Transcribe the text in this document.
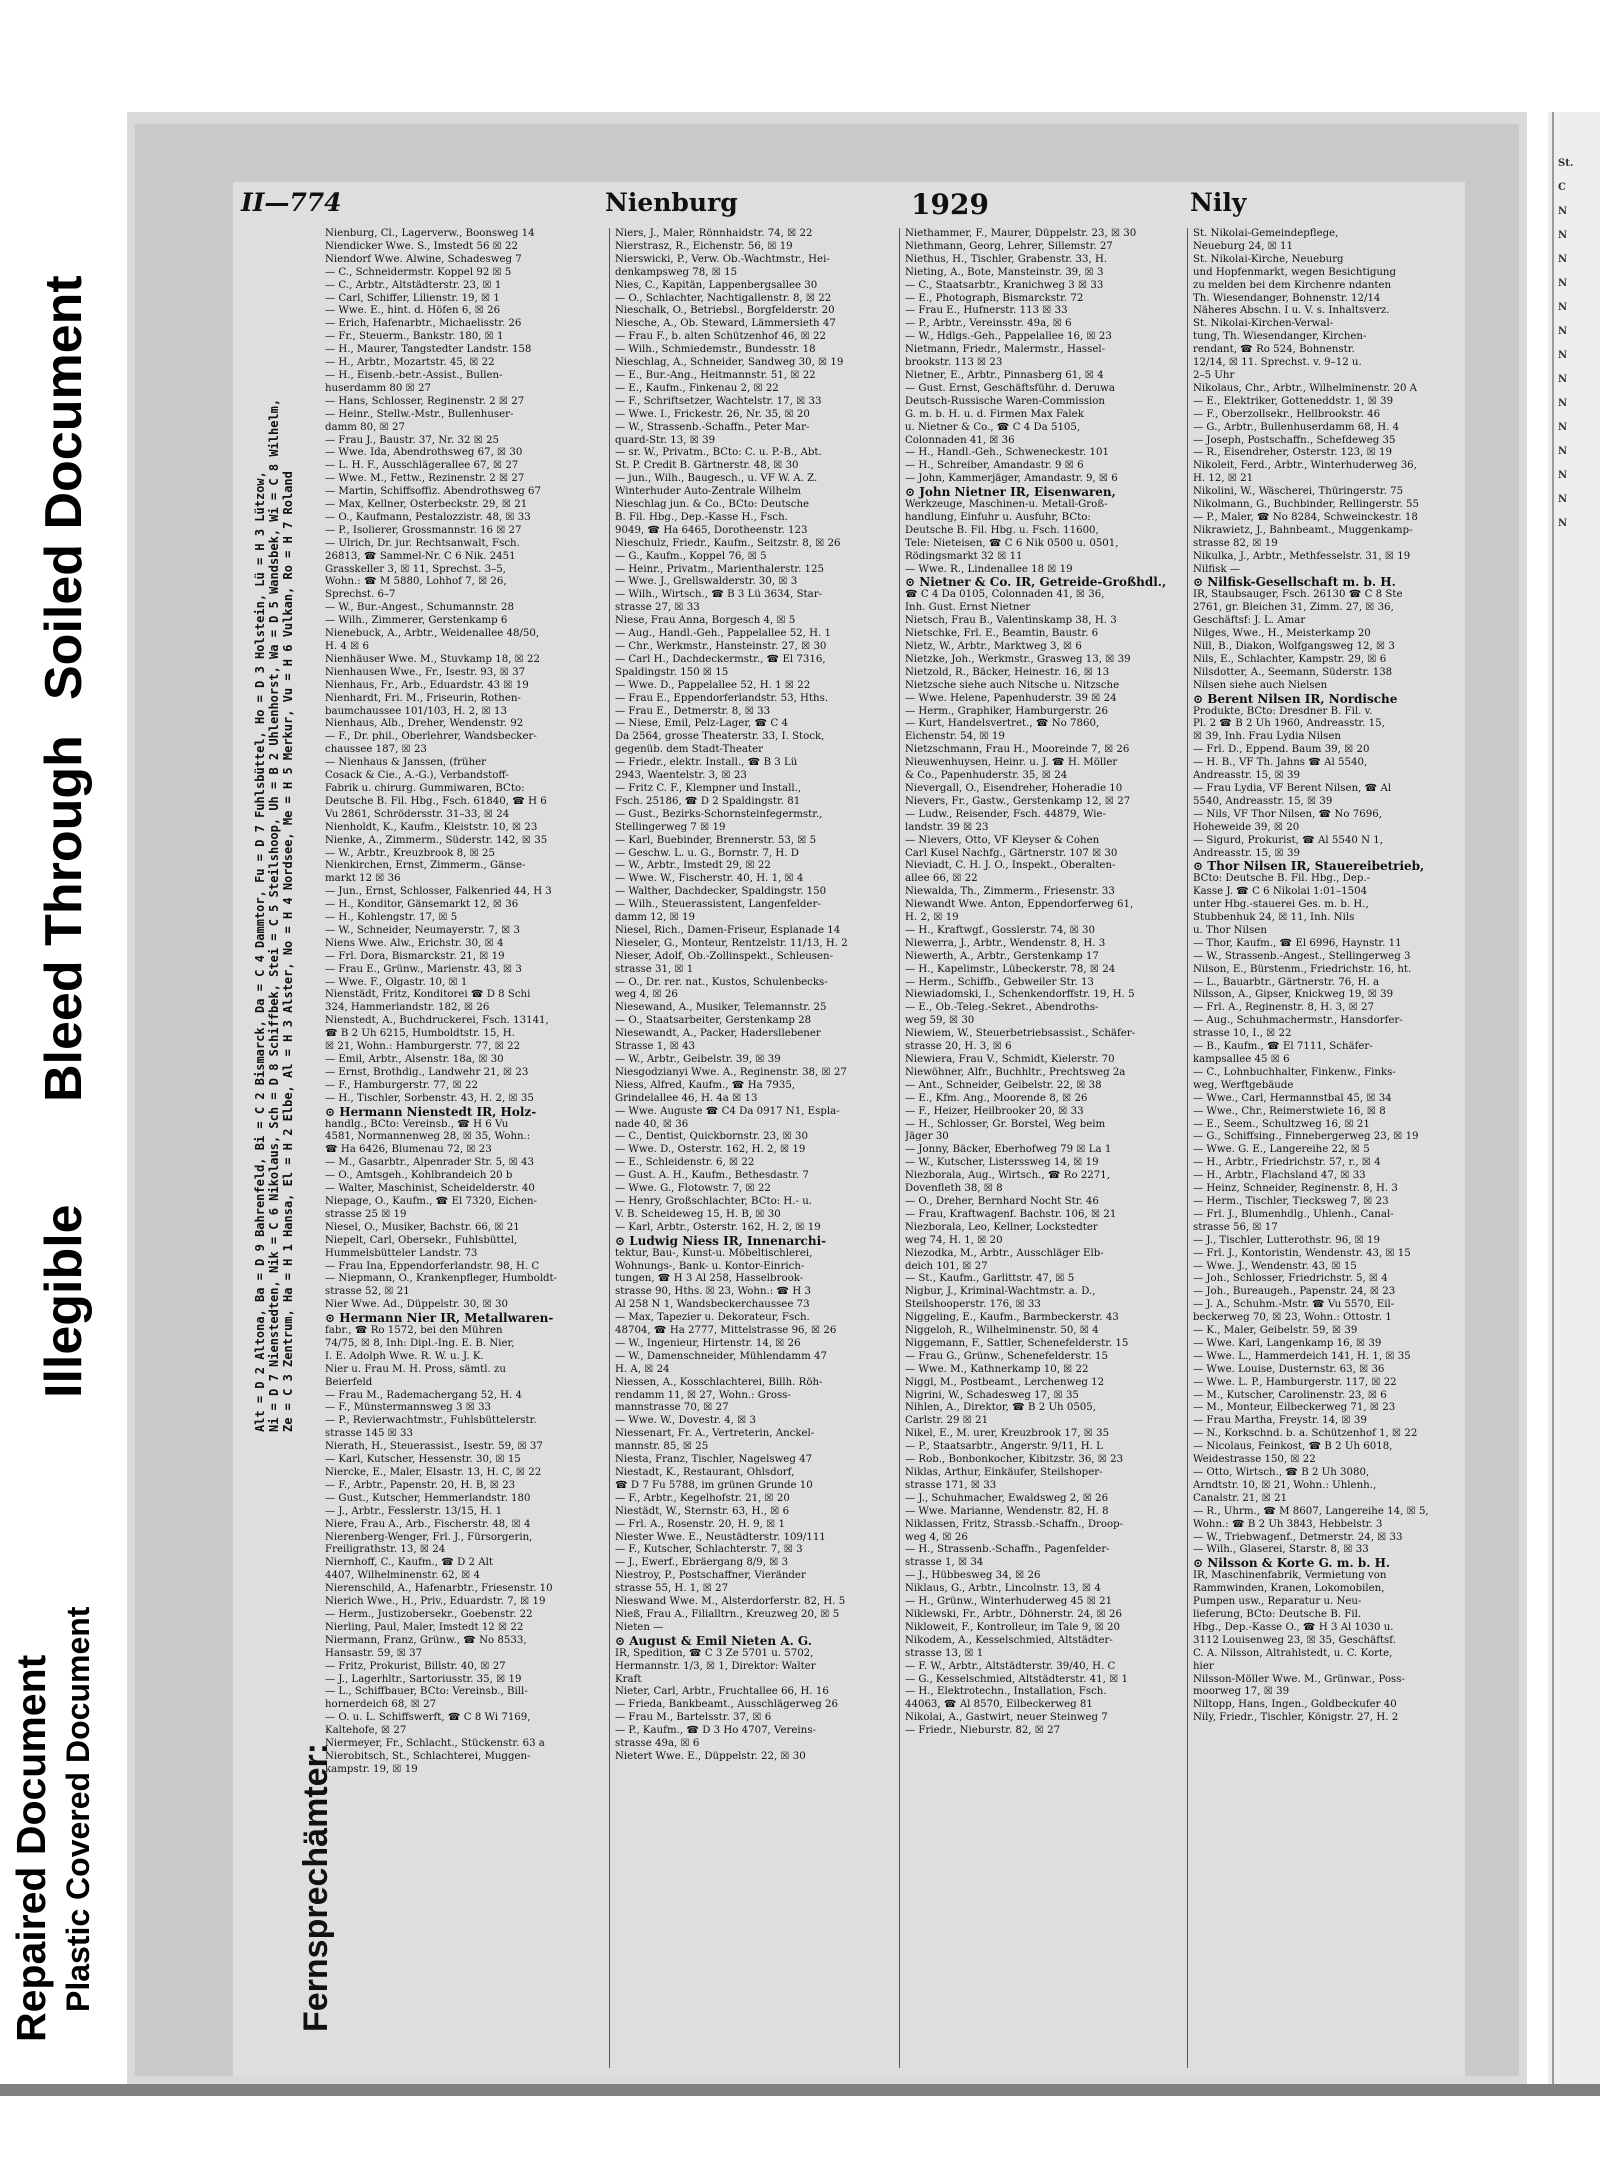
Repaired Document Plastic Covered Document
Illegible
Bleed Through
Soiled Document
II—774	Nienburg	1929	Nily
Fernsprechämter:
Alt = D 2 Altona, Ba = D 9 Bahrenfeld, Bi = C 2 Bismarck, Da = C 4 Dammtor, Fu = D 7 Fuhlsbüttel, Ho = D 3 Holstein, Lü = H 3 Lützow, Ni = D 7 Nienstedten, Nik = C 6 Nikolaus, Sch = D 8 Schiffbek, Stei = C 5 Steilshoop, Uh = B 2 Uhlenhorst, Wa = D 5 Wandsbek, Wi = C 8 Wilhelm, Ze = C 3 Zentrum, Ha = H 1 Hansa, El = H 2 Elbe, Al = H 3 Alster, No = H 4 Nordsee, Me = H 5 Merkur, Vu = H 6 Vulkan, Ro = H 7 Roland
Nienburg, Cl., Lagerverw., Boonsweg 14
Niendicker Wwe. S., Imstedt 56 ☒ 22
Niendorf Wwe. Alwine, Schadesweg 7
— C., Schneidermstr. Koppel 92 ☒ 5
— C., Arbtr., Altstädterstr. 23, ☒ 1
— Carl, Schiffer, Lilienstr. 19, ☒ 1
— Wwe. E., hint. d. Höfen 6, ☒ 26
— Erich, Hafenarbtr., Michaelisstr. 26
— Fr., Steuerm., Bankstr. 180, ☒ 1
— H., Maurer, Tangstedter Landstr. 158
— H., Arbtr., Mozartstr. 45, ☒ 22
— H., Eisenb.-betr.-Assist., Bullen-
huserdamm 80 ☒ 27
— Hans, Schlosser, Reginenstr. 2 ☒ 27
— Heinr., Stellw.-Mstr., Bullenhuser-
damm 80, ☒ 27
— Frau J., Baustr. 37, Nr. 32 ☒ 25
— Wwe. Ida, Abendrothsweg 67, ☒ 30
— L. H. F., Ausschlägerallee 67, ☒ 27
— Wwe. M., Fettw., Rezinenstr. 2 ☒ 27
— Martin, Schiffsoffiz. Abendrothsweg 67
— Max, Kellner, Osterbeckstr. 29, ☒ 21
— O., Kaufmann, Pestalozzistr. 48, ☒ 33
— P., Isolierer, Grossmannstr. 16 ☒ 27
— Ulrich, Dr. jur. Rechtsanwalt, Fsch.
26813, ☎ Sammel-Nr. C 6 Nik. 2451
Grasskeller 3, ☒ 11, Sprechst. 3–5,
Wohn.: ☎ M 5880, Lohhof 7, ☒ 26,
Sprechst. 6–7
— W., Bur.-Angest., Schumannstr. 28
— Wilh., Zimmerer, Gerstenkamp 6
Nienebuck, A., Arbtr., Weidenallee 48/50,
H. 4 ☒ 6
Nienhäuser Wwe. M., Stuvkamp 18, ☒ 22
Nienhausen Wwe., Fr., Isestr. 93, ☒ 37
Nienhaus, Fr., Arb., Eduardstr. 43 ☒ 19
Nienhardt, Fri. M., Friseurin, Rothen-
baumchaussee 101/103, H. 2, ☒ 13
Nienhaus, Alb., Dreher, Wendenstr. 92
— F., Dr. phil., Oberlehrer, Wandsbecker-
chaussee 187, ☒ 23
— Nienhaus & Janssen, (früher
Cosack & Cie., A.-G.), Verbandstoff-
Fabrik u. chirurg. Gummiwaren, BCto:
Deutsche B. Fil. Hbg., Fsch. 61840, ☎ H 6
Vu 2861, Schrödersstr. 31–33, ☒ 24
Nienholdt, K., Kaufm., Kleiststr. 10, ☒ 23
Nienke, A., Zimmerm., Süderstr. 142, ☒ 35
— W., Arbtr., Kreuzbrook 8, ☒ 25
Nienkirchen, Ernst, Zimmerm., Gänse-
markt 12 ☒ 36
— Jun., Ernst, Schlosser, Falkenried 44, H 3
— H., Konditor, Gänsemarkt 12, ☒ 36
— H., Kohlengstr. 17, ☒ 5
— W., Schneider, Neumayerstr. 7, ☒ 3
Niens Wwe. Alw., Erichstr. 30, ☒ 4
— Frl. Dora, Bismarckstr. 21, ☒ 19
— Frau E., Grünw., Marienstr. 43, ☒ 3
— Wwe. F., Olgastr. 10, ☒ 1
Nienstädt, Fritz, Konditorei ☎ D 8 Schi
324, Hammerlandstr. 182, ☒ 26
Nienstedt, A., Buchdruckerei, Fsch. 13141,
☎ B 2 Uh 6215, Humboldtstr. 15, H.
☒ 21, Wohn.: Hamburgerstr. 77, ☒ 22
— Emil, Arbtr., Alsenstr. 18a, ☒ 30
— Ernst, Brothdig., Landwehr 21, ☒ 23
— F., Hamburgerstr. 77, ☒ 22
— H., Tischler, Sorbenstr. 43, H. 2, ☒ 35
⊙ Hermann Nienstedt IR, Holz-
handlg., BCto: Vereinsb., ☎ H 6 Vu
4581, Normannenweg 28, ☒ 35, Wohn.:
☎ Ha 6426, Blumenau 72, ☒ 23
— M., Gasarbtr., Alpenrader Str. 5, ☒ 43
— O., Amtsgeh., Kohlbrandeich 20 b
— Walter, Maschinist, Scheidelderstr. 40
Niepage, O., Kaufm., ☎ El 7320, Eichen-
strasse 25 ☒ 19
Niesel, O., Musiker, Bachstr. 66, ☒ 21
Niepelt, Carl, Obersekr., Fuhlsbüttel,
Hummelsbütteler Landstr. 73
— Frau Ina, Eppendorferlandstr. 98, H. C
— Niepmann, O., Krankenpfleger, Humboldt-
strasse 52, ☒ 21
Nier Wwe. Ad., Düppelstr. 30, ☒ 30
⊙ Hermann Nier IR, Metallwaren-
fabr., ☎ Ro 1572, bei den Mühren
74/75, ☒ 8, Inh: Dipl.-Ing. E. B. Nier,
I. E. Adolph Wwe. R. W. u. J. K.
Nier u. Frau M. H. Pross, sämtl. zu
Beierfeld
— Frau M., Rademachergang 52, H. 4
— F., Münstermannsweg 3 ☒ 33
— P., Revierwachtmstr., Fuhlsbüttelerstr.
strasse 145 ☒ 33
Nierath, H., Steuerassist., Isestr. 59, ☒ 37
— Karl, Kutscher, Hessenstr. 30, ☒ 15
Niercke, E., Maler, Elsastr. 13, H. C, ☒ 22
— F., Arbtr., Papenstr. 20, H. B, ☒ 23
— Gust., Kutscher, Hemmerlandstr. 180
— J., Arbtr., Fesslerstr. 13/15, H. 1
Niere, Frau A., Arb., Fischerstr. 48, ☒ 4
Nierenberg-Wenger, Frl. J., Fürsorgerin,
Freiligrathstr. 13, ☒ 24
Niernhoff, C., Kaufm., ☎ D 2 Alt
4407, Wilhelminenstr. 62, ☒ 4
Nierenschild, A., Hafenarbtr., Friesenstr. 10
Nierich Wwe., H., Priv., Eduardstr. 7, ☒ 19
— Herm., Justizobersekr., Goebenstr. 22
Nierling, Paul, Maler, Imstedt 12 ☒ 22
Niermann, Franz, Grünw., ☎ No 8533,
Hansastr. 59, ☒ 37
— Fritz, Prokurist, Billstr. 40, ☒ 27
— J., Lagerhltr., Sartoriusstr. 35, ☒ 19
— L., Schiffbauer, BCto: Vereinsb., Bill-
hornerdeich 68, ☒ 27
— O. u. L. Schiffswerft, ☎ C 8 Wi 7169,
Kaltehofe, ☒ 27
Niermeyer, Fr., Schlacht., Stückenstr. 63 a
Nierobitsch, St., Schlachterei, Muggen-
kampstr. 19, ☒ 19
Niers, J., Maler, Rönnhaidstr. 74, ☒ 22
Nierstrasz, R., Eichenstr. 56, ☒ 19
Nierswicki, P., Verw. Ob.-Wachtmstr., Hei-
denkampsweg 78, ☒ 15
Nies, C., Kapitän, Lappenbergsallee 30
— O., Schlachter, Nachtigallenstr. 8, ☒ 22
Nieschalk, O., Betriebsl., Borgfelderstr. 20
Niesche, A., Ob. Steward, Lämmersieth 47
— Frau F., b. alten Schützenhof 46, ☒ 22
— Wilh., Schmiedemstr., Bundesstr. 18
Nieschlag, A., Schneider, Sandweg 30, ☒ 19
— E., Bur.-Ang., Heitmannstr. 51, ☒ 22
— E., Kaufm., Finkenau 2, ☒ 22
— F., Schriftsetzer, Wachtelstr. 17, ☒ 33
— Wwe. I., Frickestr. 26, Nr. 35, ☒ 20
— W., Strassenb.-Schaffn., Peter Mar-
quard-Str. 13, ☒ 39
— sr. W., Privatm., BCto: C. u. P.-B., Abt.
St. P. Credit B. Gärtnerstr. 48, ☒ 30
— jun., Wilh., Baugesch., u. VF W. A. Z.
Winterhuder Auto-Zentrale Wilhelm
Nieschlag jun. & Co., BCto: Deutsche
B. Fil. Hbg., Dep.-Kasse H., Fsch.
9049, ☎ Ha 6465, Dorotheenstr. 123
Nieschulz, Friedr., Kaufm., Seitzstr. 8, ☒ 26
— G., Kaufm., Koppel 76, ☒ 5
— Heinr., Privatm., Marienthalerstr. 125
— Wwe. J., Grellswalderstr. 30, ☒ 3
— Wilh., Wirtsch., ☎ B 3 Lü 3634, Star-
strasse 27, ☒ 33
Niese, Frau Anna, Borgesch 4, ☒ 5
— Aug., Handl.-Geh., Pappelallee 52, H. 1
— Chr., Werkmstr., Hansteinstr. 27, ☒ 30
— Carl H., Dachdeckermstr., ☎ El 7316,
Spaldingstr. 150 ☒ 15
— Wwe. D., Pappelallee 52, H. 1 ☒ 22
— Frau E., Eppendorferlandstr. 53, Hths.
— Frau E., Detmerstr. 8, ☒ 33
— Niese, Emil, Pelz-Lager, ☎ C 4
Da 2564, grosse Theaterstr. 33, I. Stock,
gegenüb. dem Stadt-Theater
— Friedr., elektr. Install., ☎ B 3 Lü
2943, Waentelstr. 3, ☒ 23
— Fritz C. F., Klempner und Install.,
Fsch. 25186, ☎ D 2 Spaldingstr. 81
— Gust., Bezirks-Schornsteinfegermstr.,
Stellingerweg 7 ☒ 19
— Karl, Buebinder, Brennerstr. 53, ☒ 5
— Geschw. L. u. G., Bornstr. 7, H. D
— W., Arbtr., Imstedt 29, ☒ 22
— Wwe. W., Fischerstr. 40, H. 1, ☒ 4
— Walther, Dachdecker, Spaldingstr. 150
— Wilh., Steuerassistent, Langenfelder-
damm 12, ☒ 19
Niesel, Rich., Damen-Friseur, Esplanade 14
Nieseler, G., Monteur, Rentzelstr. 11/13, H. 2
Nieser, Adolf, Ob.-Zollinspekt., Schleusen-
strasse 31, ☒ 1
— O., Dr. rer. nat., Kustos, Schulenbecks-
weg 4, ☒ 26
Niesewand, A., Musiker, Telemannstr. 25
— O., Staatsarbeiter, Gerstenkamp 28
Niesewandt, A., Packer, Hadersllebener
Strasse 1, ☒ 43
— W., Arbtr., Geibelstr. 39, ☒ 39
Niesgodzianyi Wwe. A., Reginenstr. 38, ☒ 27
Niess, Alfred, Kaufm., ☎ Ha 7935,
Grindelallee 46, H. 4a ☒ 13
— Wwe. Auguste ☎ C4 Da 0917 N1, Espla-
nade 40, ☒ 36
— C., Dentist, Quickbornstr. 23, ☒ 30
— Wwe. D., Osterstr. 162, H. 2, ☒ 19
— E., Schleidenstr. 6, ☒ 22
— Gust. A. H., Kaufm., Bethesdastr. 7
— Wwe. G., Flotowstr. 7, ☒ 22
— Henry, Großschlachter, BCto: H.- u.
V. B. Scheideweg 15, H. B, ☒ 30
— Karl, Arbtr., Osterstr. 162, H. 2, ☒ 19
⊙ Ludwig Niess IR, Innenarchi-
tektur, Bau-, Kunst-u. Möbeltischlerei,
Wohnungs-, Bank- u. Kontor-Einrich-
tungen, ☎ H 3 Al 258, Hasselbrook-
strasse 90, Hths. ☒ 23, Wohn.: ☎ H 3
Al 258 N 1, Wandsbeckerchaussee 73
— Max, Tapezier u. Dekorateur, Fsch.
48704, ☎ Ha 2777, Mittelstrasse 96, ☒ 26
— W., Ingenieur, Hirtenstr. 14, ☒ 26
— W., Damenschneider, Mühlendamm 47
H. A, ☒ 24
Niessen, A., Kosschlachterei, Billh. Röh-
rendamm 11, ☒ 27, Wohn.: Gross-
mannstrasse 70, ☒ 27
— Wwe. W., Dovestr. 4, ☒ 3
Niessenart, Fr. A., Vertreterin, Anckel-
mannstr. 85, ☒ 25
Niesta, Franz, Tischler, Nagelsweg 47
Niestadt, K., Restaurant, Ohlsdorf,
☎ D 7 Fu 5788, im grünen Grunde 10
— F., Arbtr., Kegelhofstr. 21, ☒ 20
Niestädt, W., Sternstr. 63, H., ☒ 6
— Frl. A., Rosenstr. 20, H. 9, ☒ 1
Niester Wwe. E., Neustädterstr. 109/111
— F., Kutscher, Schlachterstr. 7, ☒ 3
— J., Ewerf., Ebräergang 8/9, ☒ 3
Niestroy, P., Postschaffner, Vieränder
strasse 55, H. 1, ☒ 27
Nieswand Wwe. M., Alsterdorferstr. 82, H. 5
Nieß, Frau A., Filialltrn., Kreuzweg 20, ☒ 5
Nieten —
⊙ August & Emil Nieten A. G.
IR, Spedition, ☎ C 3 Ze 5701 u. 5702,
Hermannstr. 1/3, ☒ 1, Direktor: Walter
Kraft
Nieter, Carl, Arbtr., Fruchtallee 66, H. 16
— Frieda, Bankbeamt., Ausschlägerweg 26
— Frau M., Bartelsstr. 37, ☒ 6
— P., Kaufm., ☎ D 3 Ho 4707, Vereins-
strasse 49a, ☒ 6
Nietert Wwe. E., Düppelstr. 22, ☒ 30
Niethammer, F., Maurer, Düppelstr. 23, ☒ 30
Niethmann, Georg, Lehrer, Sillemstr. 27
Niethus, H., Tischler, Grabenstr. 33, H.
Nieting, A., Bote, Mansteinstr. 39, ☒ 3
— C., Staatsarbtr., Kranichweg 3 ☒ 33
— E., Photograph, Bismarckstr. 72
— Frau E., Hufnerstr. 113 ☒ 33
— P., Arbtr., Vereinsstr. 49a, ☒ 6
— W., Hdlgs.-Geh., Pappelallee 16, ☒ 23
Nietmann, Friedr., Malermstr., Hassel-
brookstr. 113 ☒ 23
Nietner, E., Arbtr., Pinnasberg 61, ☒ 4
— Gust. Ernst, Geschäftsführ. d. Deruwa
Deutsch-Russische Waren-Commission
G. m. b. H. u. d. Firmen Max Falek
u. Nietner & Co., ☎ C 4 Da 5105,
Colonnaden 41, ☒ 36
— H., Handl.-Geh., Schweneckestr. 101
— H., Schreiber, Amandastr. 9 ☒ 6
— John, Kammerjäger, Amandastr. 9, ☒ 6
⊙ John Nietner IR, Eisenwaren,
Werkzeuge, Maschinen-u. Metall-Groß-
handlung, Einfuhr u. Ausfuhr, BCto:
Deutsche B. Fil. Hbg. u. Fsch. 11600,
Tele: Nieteisen, ☎ C 6 Nik 0500 u. 0501,
Rödingsmarkt 32 ☒ 11
— Wwe. R., Lindenallee 18 ☒ 19
⊙ Nietner & Co. IR, Getreide-Großhdl.,
☎ C 4 Da 0105, Colonnaden 41, ☒ 36,
Inh. Gust. Ernst Nietner
Nietsch, Frau B., Valentinskamp 38, H. 3
Nietschke, Frl. E., Beamtin, Baustr. 6
Nietz, W., Arbtr., Marktweg 3, ☒ 6
Nietzke, Joh., Werkmstr., Grasweg 13, ☒ 39
Nietzold, R., Bäcker, Heinestr. 16, ☒ 13
Nietzsche siehe auch Nitsche u. Nitzsche
— Wwe. Helene, Papenhuderstr. 39 ☒ 24
— Herm., Graphiker, Hamburgerstr. 26
— Kurt, Handelsvertret., ☎ No 7860,
Eichenstr. 54, ☒ 19
Nietzschmann, Frau H., Mooreinde 7, ☒ 26
Nieuwenhuysen, Heinr. u. J. ☎ H. Möller
& Co., Papenhuderstr. 35, ☒ 24
Nievergall, O., Eisendreher, Hoheradie 10
Nievers, Fr., Gastw., Gerstenkamp 12, ☒ 27
— Ludw., Reisender, Fsch. 44879, Wie-
landstr. 39 ☒ 23
— Nievers, Otto, VF Kleyser & Cohen
Carl Kusel Nachfg., Gärtnerstr. 107 ☒ 30
Nieviadt, C. H. J. O., Inspekt., Oberalten-
allee 66, ☒ 22
Niewalda, Th., Zimmerm., Friesenstr. 33
Niewandt Wwe. Anton, Eppendorferweg 61,
H. 2, ☒ 19
— H., Kraftwgf., Gosslerstr. 74, ☒ 30
Niewerra, J., Arbtr., Wendenstr. 8, H. 3
Niewerth, A., Arbtr., Gerstenkamp 17
— H., Kapelimstr., Lübeckerstr. 78, ☒ 24
— Herm., Schiffb., Gebweiler Str. 13
Niewiadomski, I., Schenkendorffstr. 19, H. 5
— E., Ob.-Teleg.-Sekret., Abendroths-
weg 59, ☒ 30
Niewiem, W., Steuerbetriebsassist., Schäfer-
strasse 20, H. 3, ☒ 6
Niewiera, Frau V., Schmidt, Kielerstr. 70
Niewöhner, Alfr., Buchhltr., Prechtsweg 2a
— Ant., Schneider, Geibelstr. 22, ☒ 38
— E., Kfm. Ang., Moorende 8, ☒ 26
— F., Heizer, Heilbrooker 20, ☒ 33
— H., Schlosser, Gr. Borstel, Weg beim
Jäger 30
— Jonny, Bäcker, Eberhofweg 79 ☒ La 1
— W., Kutscher, Listerssweg 14, ☒ 19
Niezborala, Aug., Wirtsch., ☎ Ro 2271,
Dovenfleth 38, ☒ 8
— O., Dreher, Bernhard Nocht Str. 46
— Frau, Kraftwagenf. Bachstr. 106, ☒ 21
Niezborala, Leo, Kellner, Lockstedter
weg 74, H. 1, ☒ 20
Niezodka, M., Arbtr., Ausschläger Elb-
deich 101, ☒ 27
— St., Kaufm., Garlittstr. 47, ☒ 5
Nigbur, J., Kriminal-Wachtmstr. a. D.,
Steilshooperstr. 176, ☒ 33
Niggeling, E., Kaufm., Barmbeckerstr. 43
Niggeloh, R., Wilhelminenstr. 50, ☒ 4
Niggemann, F., Sattler, Schenefelderstr. 15
— Frau G., Grünw., Schenefelderstr. 15
— Wwe. M., Kathnerkamp 10, ☒ 22
Niggl, M., Postbeamt., Lerchenweg 12
Nigrini, W., Schadesweg 17, ☒ 35
Nihlen, A., Direktor, ☎ B 2 Uh 0505,
Carlstr. 29 ☒ 21
Nikel, E., M. urer, Kreuzbrook 17, ☒ 35
— P., Staatsarbtr., Angerstr. 9/11, H. L
— Rob., Bonbonkocher, Kibitzstr. 36, ☒ 23
Niklas, Arthur, Einkäufer, Steilshoper-
strasse 171, ☒ 33
— J., Schuhmacher, Ewaldsweg 2, ☒ 26
— Wwe. Marianne, Wendenstr. 82, H. 8
Niklassen, Fritz, Strassb.-Schaffn., Droop-
weg 4, ☒ 26
— H., Strassenb.-Schaffn., Pagenfelder-
strasse 1, ☒ 34
— J., Hübbesweg 34, ☒ 26
Niklaus, G., Arbtr., Lincolnstr. 13, ☒ 4
— H., Grünw., Winterhuderweg 45 ☒ 21
Niklewski, Fr., Arbtr., Döhnerstr. 24, ☒ 26
Nikloweit, F., Kontrolleur, im Tale 9, ☒ 20
Nikodem, A., Kesselschmied, Altstädter-
strasse 13, ☒ 1
— F. W., Arbtr., Altstädterstr. 39/40, H. C
— G., Kesselschmied, Altstädterstr. 41, ☒ 1
— H., Elektrotechn., Installation, Fsch.
44063, ☎ Al 8570, Eilbeckerweg 81
Nikolai, A., Gastwirt, neuer Steinweg 7
— Friedr., Nieburstr. 82, ☒ 27
St. Nikolai-Gemeindepflege,
Neueburg 24, ☒ 11
St. Nikolai-Kirche, Neueburg
und Hopfenmarkt, wegen Besichtigung
zu melden bei dem Kirchenre ndanten
Th. Wiesendanger, Bohnenstr. 12/14
Näheres Abschn. I u. V. s. Inhaltsverz.
St. Nikolai-Kirchen-Verwal-
tung, Th. Wiesendanger, Kirchen-
rendant, ☎ Ro 524, Bohnenstr.
12/14, ☒ 11. Sprechst. v. 9–12 u.
2–5 Uhr
Nikolaus, Chr., Arbtr., Wilhelminenstr. 20 A
— E., Elektriker, Gotteneddstr. 1, ☒ 39
— F., Oberzollsekr., Hellbrookstr. 46
— G., Arbtr., Bullenhuserdamm 68, H. 4
— Joseph, Postschaffn., Schefdeweg 35
— R., Eisendreher, Osterstr. 123, ☒ 19
Nikoleit, Ferd., Arbtr., Winterhuderweg 36,
H. 12, ☒ 21
Nikolini, W., Wäscherei, Thüringerstr. 75
Nikolmann, G., Buchbinder, Rellingerstr. 55
— P., Maler, ☎ No 8284, Schweinckestr. 18
Nikrawietz, J., Bahnbeamt., Muggenkamp-
strasse 82, ☒ 19
Nikulka, J., Arbtr., Methfesselstr. 31, ☒ 19
Nilfisk —
⊙ Nilfisk-Gesellschaft m. b. H.
IR, Staubsauger, Fsch. 26130 ☎ C 8 Ste
2761, gr. Bleichen 31, Zimm. 27, ☒ 36,
Geschäftsf: J. L. Amar
Nilges, Wwe., H., Meisterkamp 20
Nill, B., Diakon, Wolfgangsweg 12, ☒ 3
Nils, E., Schlachter, Kampstr. 29, ☒ 6
Nilsdotter, A., Seemann, Süderstr. 138
Nilsen siehe auch Nielsen
⊙ Berent Nilsen IR, Nordische
Produkte, BCto: Dresdner B. Fil. v.
Pl. 2 ☎ B 2 Uh 1960, Andreasstr. 15,
☒ 39, Inh. Frau Lydia Nilsen
— Frl. D., Eppend. Baum 39, ☒ 20
— H. B., VF Th. Jahns ☎ Al 5540,
Andreasstr. 15, ☒ 39
— Frau Lydia, VF Berent Nilsen, ☎ Al
5540, Andreasstr. 15, ☒ 39
— Nils, VF Thor Nilsen, ☎ No 7696,
Hoheweide 39, ☒ 20
— Sigurd, Prokurist, ☎ Al 5540 N 1,
Andreasstr. 15, ☒ 39
⊙ Thor Nilsen IR, Stauereibetrieb,
BCto: Deutsche B. Fil. Hbg., Dep.-
Kasse J. ☎ C 6 Nikolai 1:01–1504
unter Hbg.-stauerei Ges. m. b. H.,
Stubbenhuk 24, ☒ 11, Inh. Nils
u. Thor Nilsen
— Thor, Kaufm., ☎ El 6996, Haynstr. 11
— W., Strassenb.-Angest., Stellingerweg 3
Nilson, E., Bürstenm., Friedrichstr. 16, ht.
— L., Bauarbtr., Gärtnerstr. 76, H. a
Nilsson, A., Gipser, Knickweg 19, ☒ 39
— Frl. A., Reginenstr. 8, H. 3, ☒ 27
— Aug., Schuhmachermstr., Hansdorfer-
strasse 10, I., ☒ 22
— B., Kaufm., ☎ El 7111, Schäfer-
kampsallee 45 ☒ 6
— C., Lohnbuchhalter, Finkenw., Finks-
weg, Werftgebäude
— Wwe., Carl, Hermannstbal 45, ☒ 34
— Wwe., Chr., Reimerstwiete 16, ☒ 8
— E., Seem., Schultzweg 16, ☒ 21
— G., Schiffsing., Finnebergerweg 23, ☒ 19
— Wwe. G. E., Langereihe 22, ☒ 5
— H., Arbtr., Friedrichstr. 57, r., ☒ 4
— H., Arbtr., Flachsland 47, ☒ 33
— Heinz, Schneider, Reginenstr. 8, H. 3
— Herm., Tischler, Tiecksweg 7, ☒ 23
— Frl. J., Blumenhdlg., Uhlenh., Canal-
strasse 56, ☒ 17
— J., Tischler, Lutterothstr. 96, ☒ 19
— Frl. J., Kontoristin, Wendenstr. 43, ☒ 15
— Wwe. J., Wendenstr. 43, ☒ 15
— Joh., Schlosser, Friedrichstr. 5, ☒ 4
— Joh., Bureaugeh., Papenstr. 24, ☒ 23
— J. A., Schuhm.-Mstr. ☎ Vu 5570, Eil-
beckerweg 70, ☒ 23, Wohn.: Ottostr. 1
— K., Maler, Geibelstr. 59, ☒ 39
— Wwe. Karl, Langenkamp 16, ☒ 39
— Wwe. L., Hammerdeich 141, H. 1, ☒ 35
— Wwe. Louise, Dusternstr. 63, ☒ 36
— Wwe. L. P., Hamburgerstr. 117, ☒ 22
— M., Kutscher, Carolinenstr. 23, ☒ 6
— M., Monteur, Eilbeckerweg 71, ☒ 23
— Frau Martha, Freystr. 14, ☒ 39
— N., Korkschnd. b. a. Schützenhof 1, ☒ 22
— Nicolaus, Feinkost, ☎ B 2 Uh 6018,
Weidestrasse 150, ☒ 22
— Otto, Wirtsch., ☎ B 2 Uh 3080,
Arndtstr. 10, ☒ 21, Wohn.: Uhlenh.,
Canalstr. 21, ☒ 21
— R., Uhrm., ☎ M 8607, Langereihe 14, ☒ 5,
Wohn.: ☎ B 2 Uh 3843, Hebbelstr. 3
— W., Triebwagenf., Detmerstr. 24, ☒ 33
— Wilh., Glaserei, Starstr. 8, ☒ 33
⊙ Nilsson & Korte G. m. b. H.
IR, Maschinenfabrik, Vermietung von
Rammwinden, Kranen, Lokomobilen,
Pumpen usw., Reparatur u. Neu-
lieferung, BCto: Deutsche B. Fil.
Hbg., Dep.-Kasse O., ☎ H 3 Al 1030 u.
3112 Louisenweg 23, ☒ 35, Geschäftsf.
C. A. Nilsson, Altrahlstedt, u. C. Korte,
hier
Nilsson-Möller Wwe. M., Grünwar., Poss-
moorweg 17, ☒ 39
Niltopp, Hans, Ingen., Goldbeckufer 40
Nily, Friedr., Tischler, Königstr. 27, H. 2
St.
C
N
N
N
N
N
N
N
N
N
N
N
N
N
N
